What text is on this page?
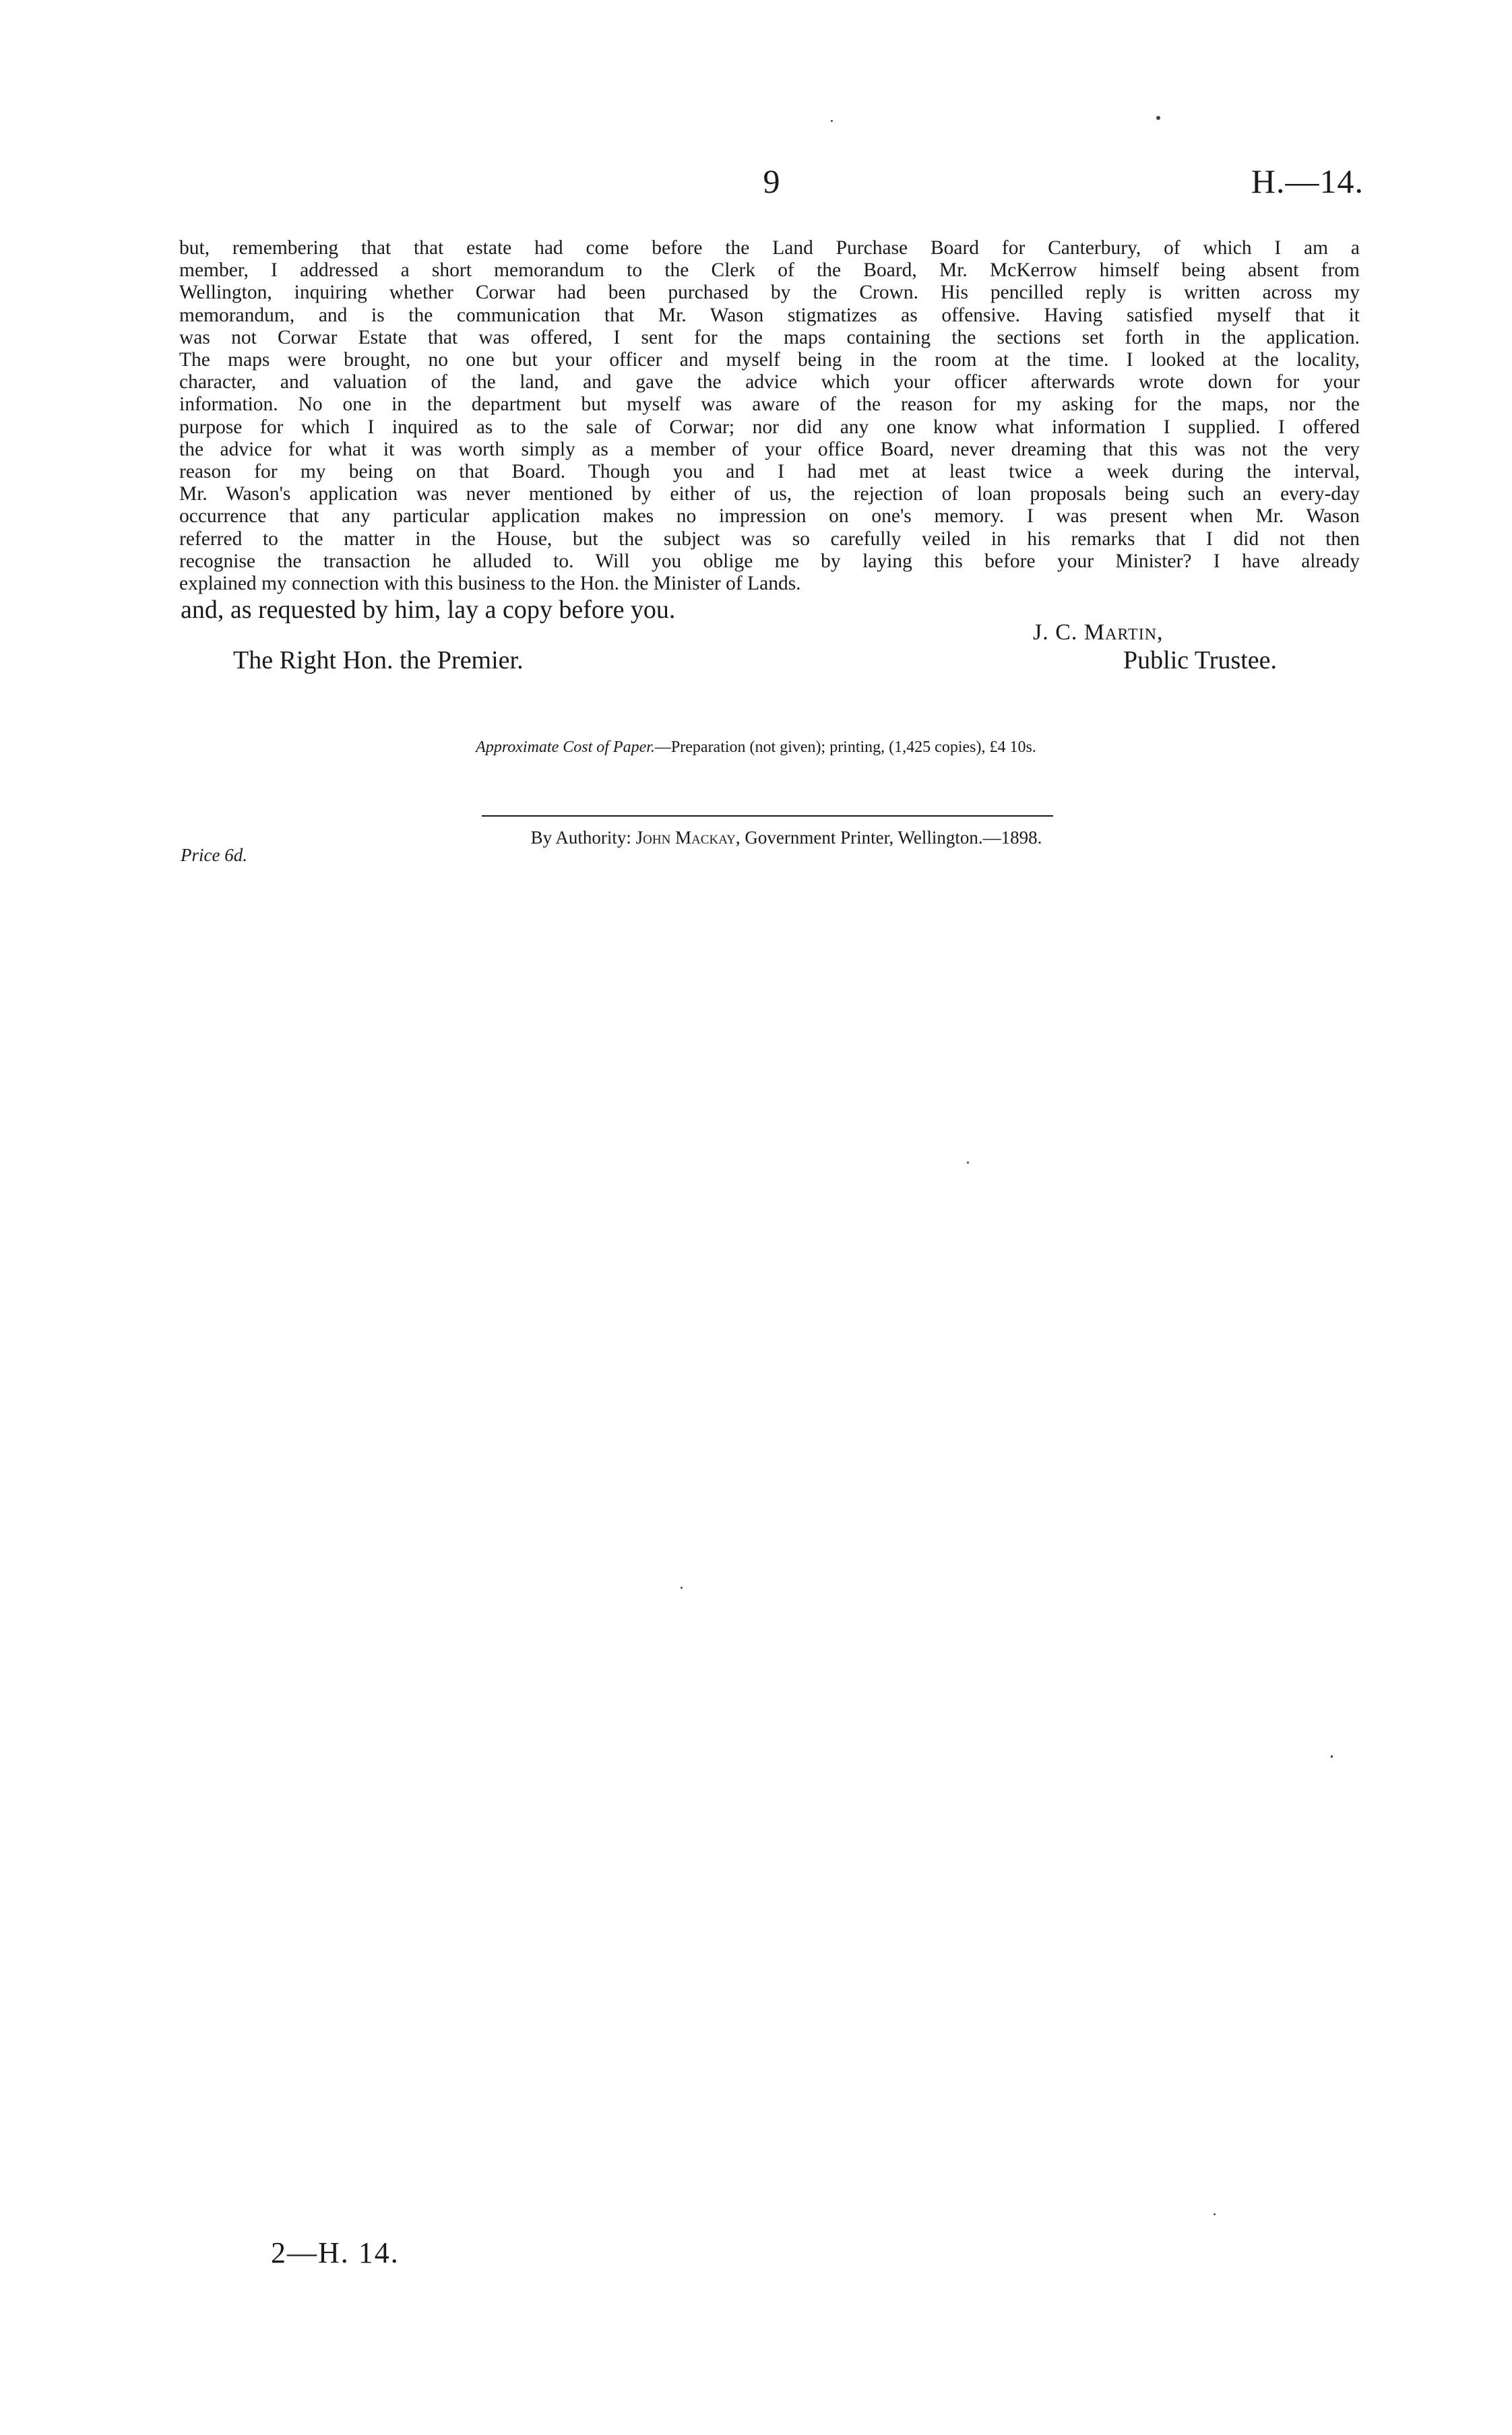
9	H.—14.
but, remembering that that estate had come before the Land Purchase Board for Canterbury, of which I am a
member, I addressed a short memorandum to the Clerk of the Board, Mr. McKerrow himself being absent from
Wellington, inquiring whether Corwar had been purchased by the Crown. His pencilled reply is written across my
memorandum, and is the communication that Mr. Wason stigmatizes as offensive. Having satisfied myself that it
was not Corwar Estate that was offered, I sent for the maps containing the sections set forth in the application.
The maps were brought, no one but your officer and myself being in the room at the time. I looked at the locality,
character, and valuation of the land, and gave the advice which your officer afterwards wrote down for your
information. No one in the department but myself was aware of the reason for my asking for the maps, nor the
purpose for which I inquired as to the sale of Corwar; nor did any one know what information I supplied. I offered
the advice for what it was worth simply as a member of your office Board, never dreaming that this was not the very
reason for my being on that Board. Though you and I had met at least twice a week during the interval,
Mr. Wason's application was never mentioned by either of us, the rejection of loan proposals being such an every-day
occurrence that any particular application makes no impression on one's memory. I was present when Mr. Wason
referred to the matter in the House, but the subject was so carefully veiled in his remarks that I did not then
recognise the transaction he alluded to. Will you oblige me by laying this before your Minister? I have already
explained my connection with this business to the Hon. the Minister of Lands.
and, as requested by him, lay a copy before you.
J. C. Martin,
Public Trustee.
The Right Hon. the Premier.
Approximate Cost of Paper.—Preparation (not given); printing, (1,425 copies), £4 10s.
By Authority: John Mackay, Government Printer, Wellington.—1898.
Price 6d.
2—H. 14.
